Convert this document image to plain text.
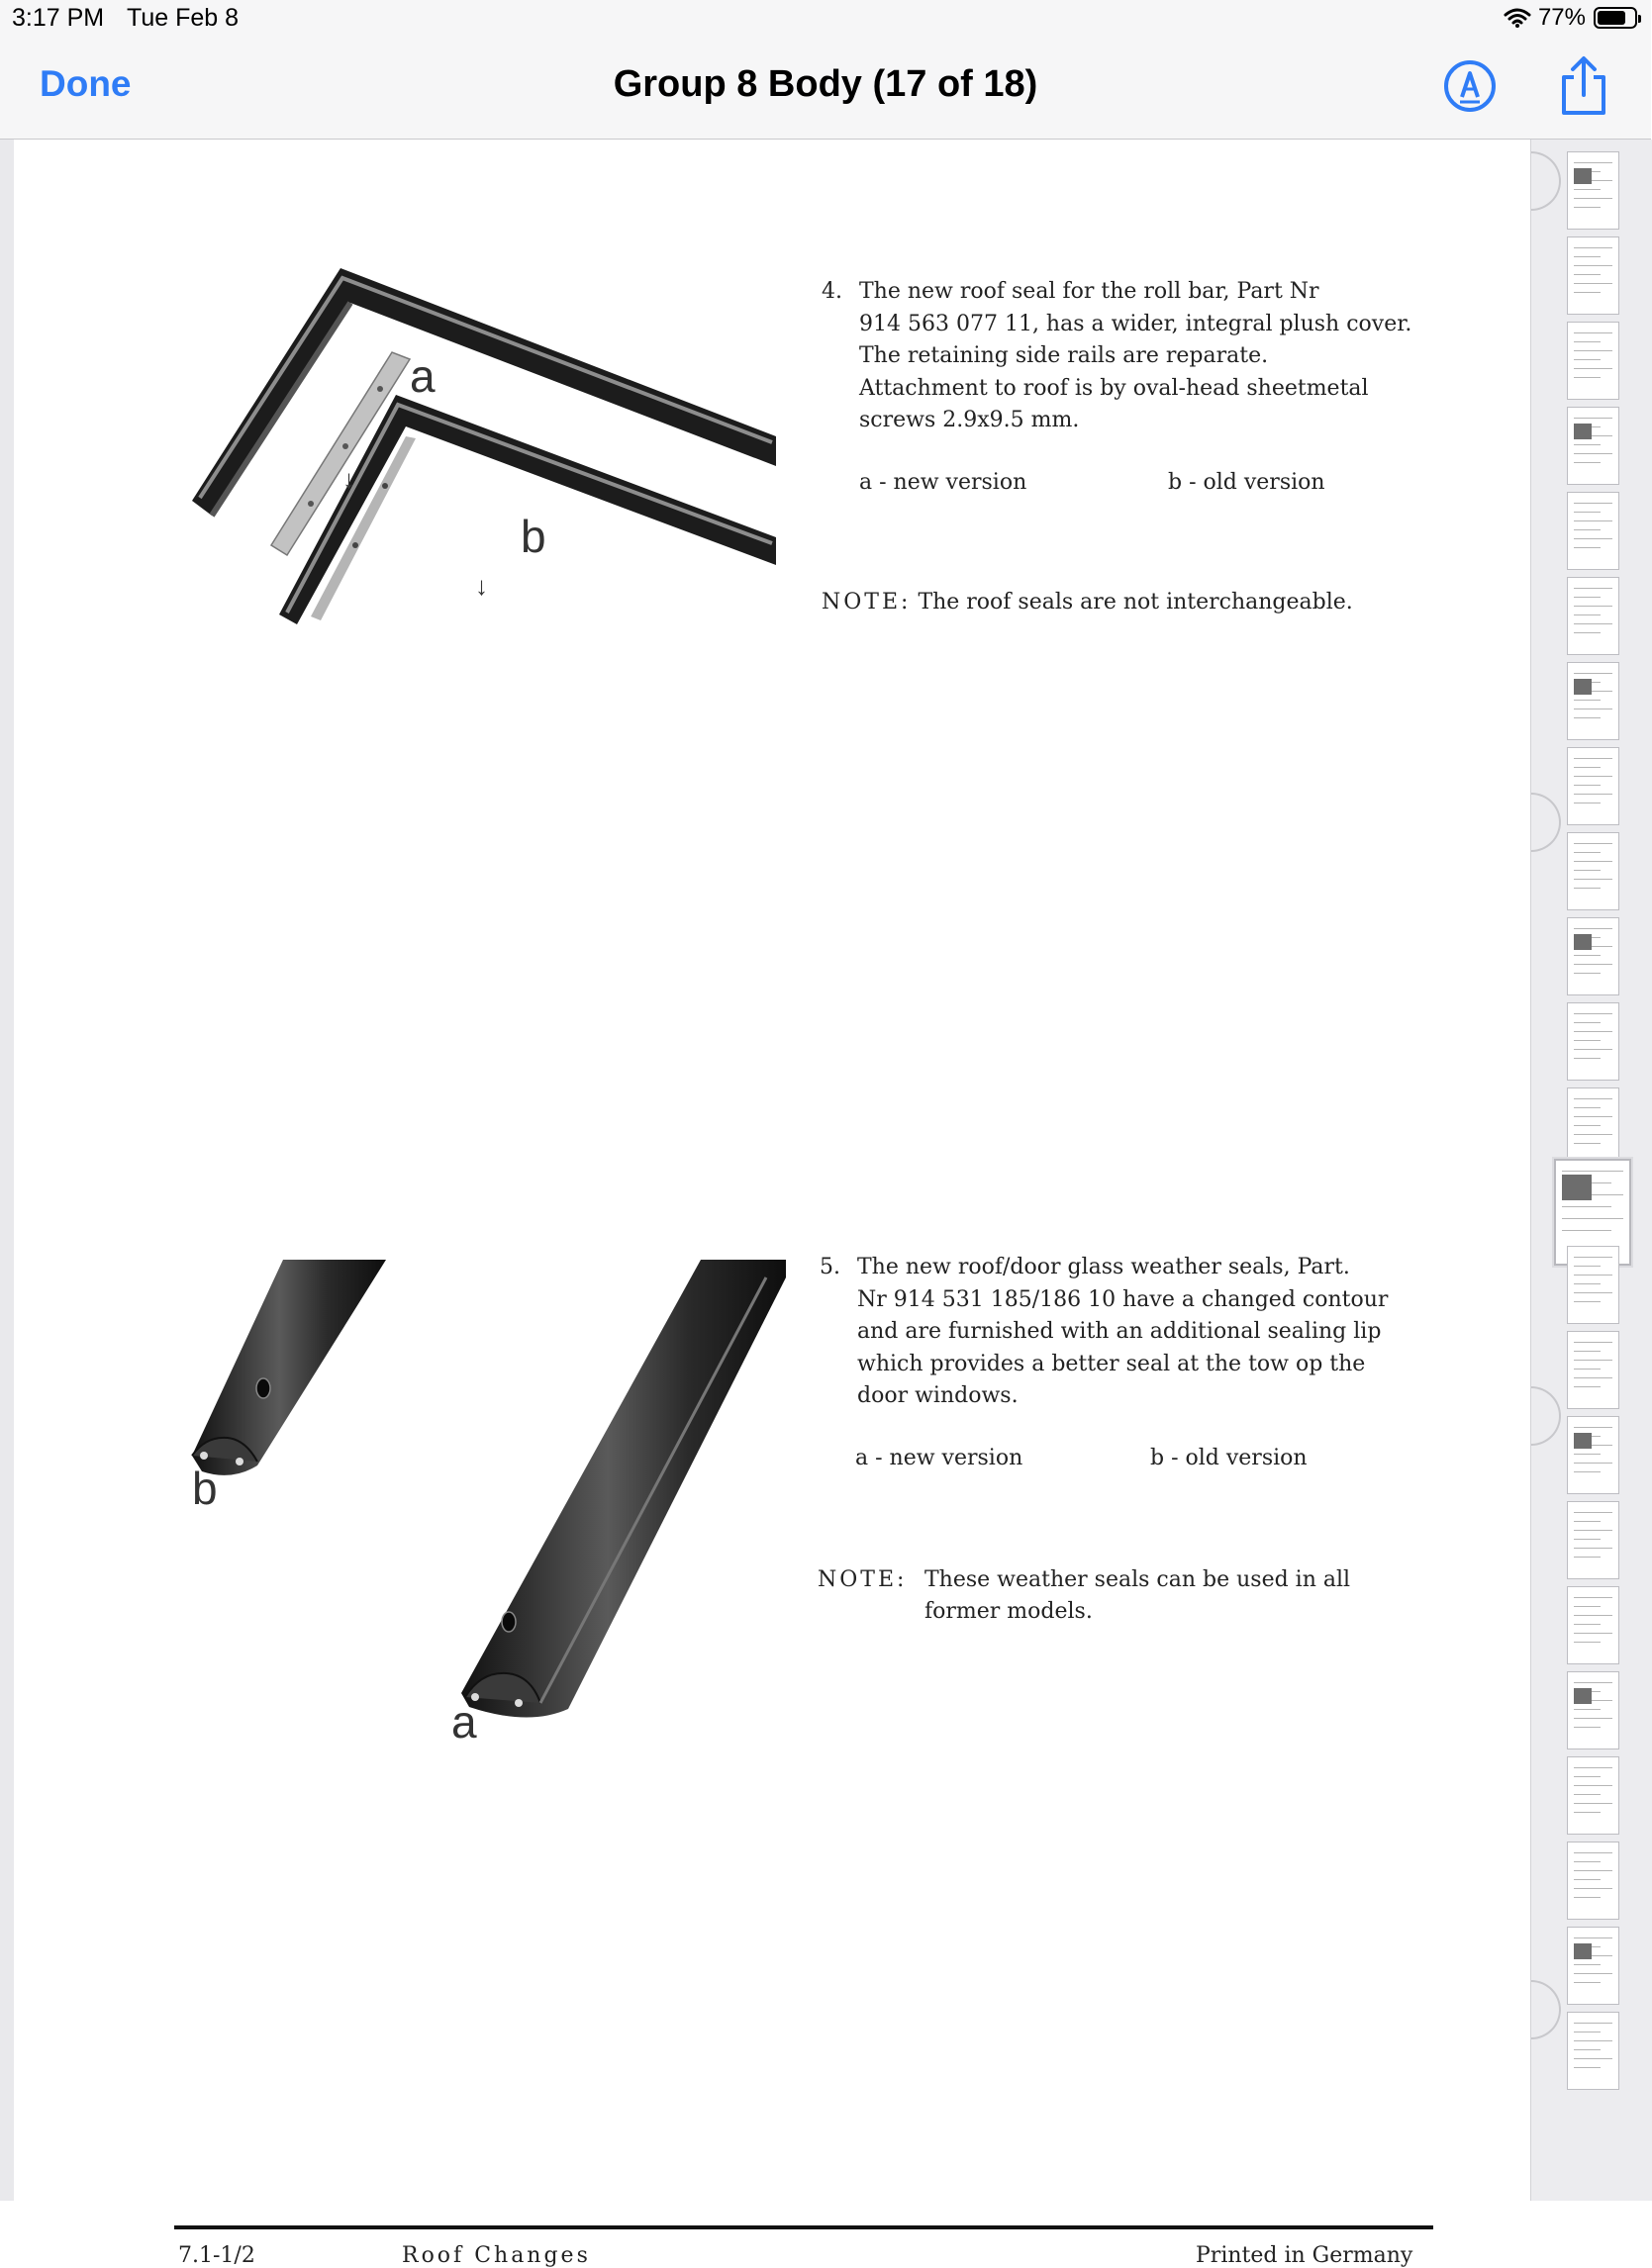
3:17 PM Tue Feb 8	77%
Done	Group 8 Body (17 of 18)
a
b
↓
↓
4. The new roof seal for the roll bar, Part Nr
914 563 077 11, has a wider, integral plush cover.
The retaining side rails are reparate.
Attachment to roof is by oval-head sheetmetal
screws 2.9x9.5 mm.
a - new version	b - old version
NOTE: The roof seals are not interchangeable.
b
a
5. The new roof/door glass weather seals, Part.
Nr 914 531 185/186 10 have a changed contour
and are furnished with an additional sealing lip
which provides a better seal at the tow op the
door windows.
a - new version	b - old version
NOTE: These weather seals can be used in all
former models.
7.1-1/2	Roof Changes	Printed in Germany
